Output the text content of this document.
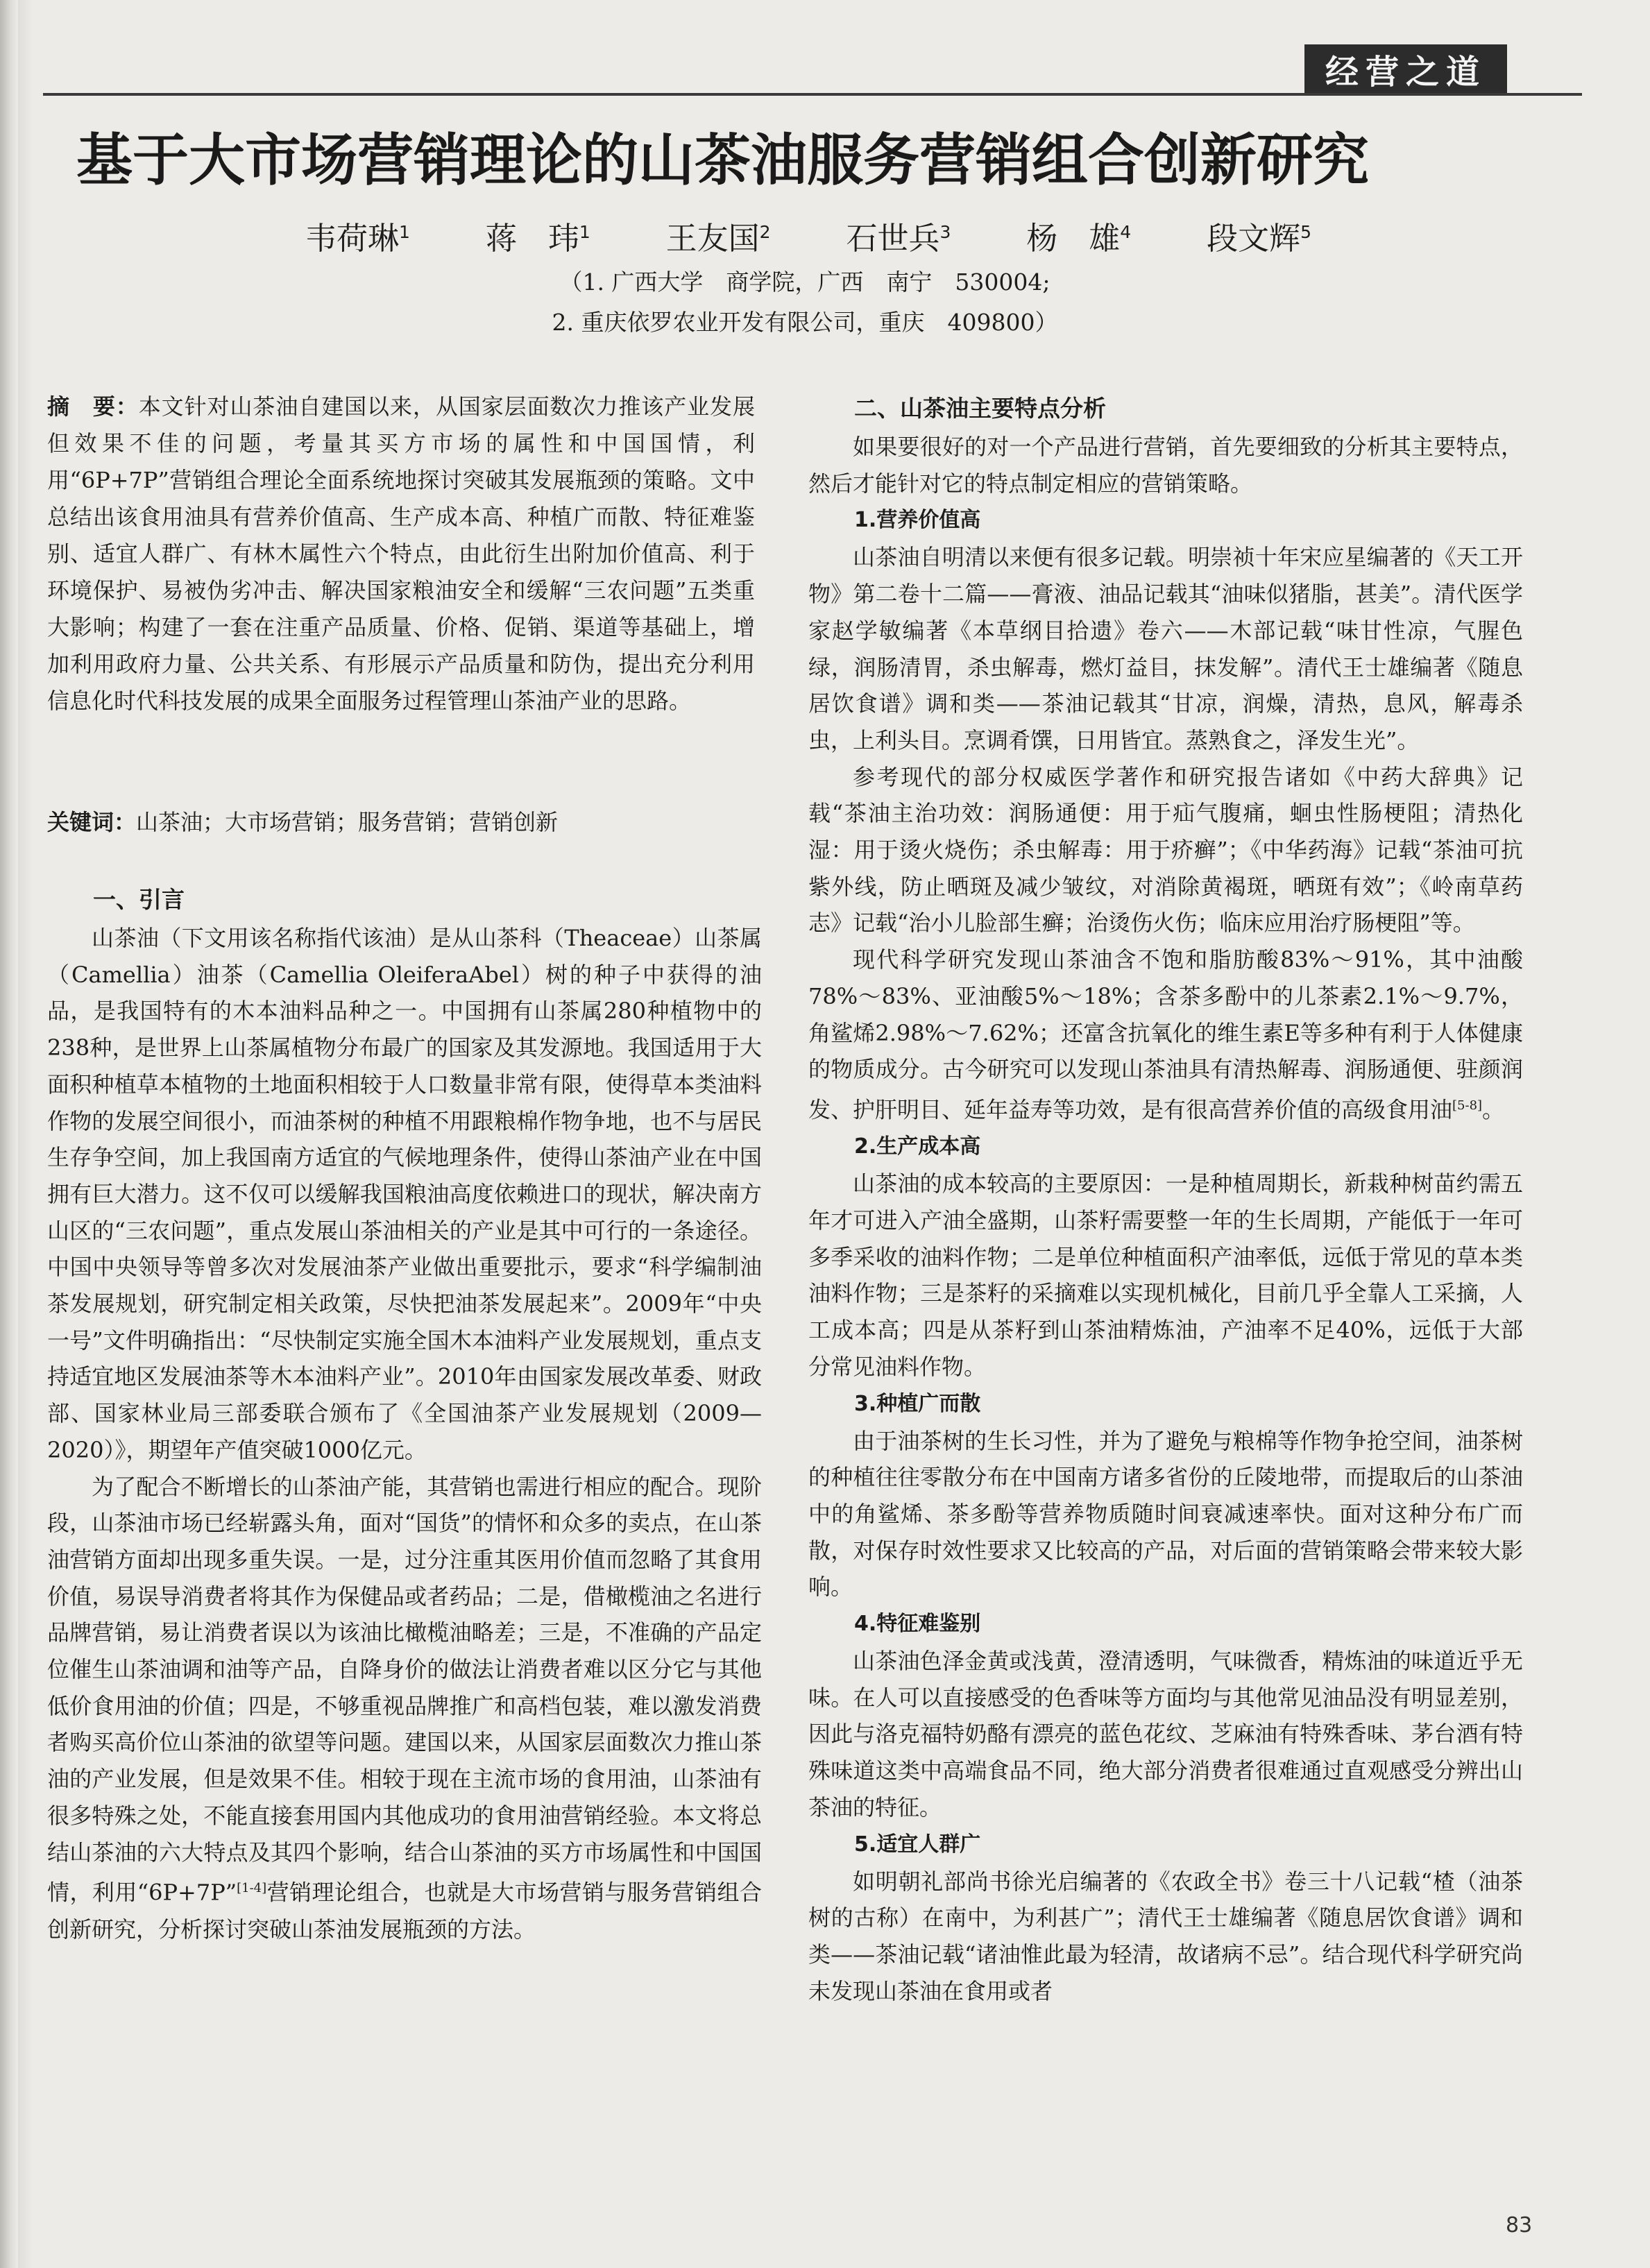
经营之道
基于大市场营销理论的山茶油服务营销组合创新研究
韦荷琳$^1$ 蒋　玮$^1$ 王友国$^2$ 石世兵$^3$ 杨　雄$^4$ 段文辉$^5$
（1. 广西大学　商学院，广西　南宁　530004;
2. 重庆依罗农业开发有限公司，重庆　409800）
摘　要：本文针对山茶油自建国以来，从国家层面数次力推该产业发展但效果不佳的问题，考量其买方市场的属性和中国国情，利用“6P+7P”营销组合理论全面系统地探讨突破其发展瓶颈的策略。文中总结出该食用油具有营养价值高、生产成本高、种植广而散、特征难鉴别、适宜人群广、有林木属性六个特点，由此衍生出附加价值高、利于环境保护、易被伪劣冲击、解决国家粮油安全和缓解“三农问题”五类重大影响；构建了一套在注重产品质量、价格、促销、渠道等基础上，增加利用政府力量、公共关系、有形展示产品质量和防伪，提出充分利用信息化时代科技发展的成果全面服务过程管理山茶油产业的思路。
关键词：山茶油；大市场营销；服务营销；营销创新
一、引言

山茶油（下文用该名称指代该油）是从山茶科（Theaceae）山茶属（Camellia）油茶（Camellia OleiferaAbel）树的种子中获得的油品，是我国特有的木本油料品种之一。中国拥有山茶属280种植物中的238种，是世界上山茶属植物分布最广的国家及其发源地。我国适用于大面积种植草本植物的土地面积相较于人口数量非常有限，使得草本类油料作物的发展空间很小，而油茶树的种植不用跟粮棉作物争地，也不与居民生存争空间，加上我国南方适宜的气候地理条件，使得山茶油产业在中国拥有巨大潜力。这不仅可以缓解我国粮油高度依赖进口的现状，解决南方山区的“三农问题”，重点发展山茶油相关的产业是其中可行的一条途径。中国中央领导等曾多次对发展油茶产业做出重要批示，要求“科学编制油茶发展规划，研究制定相关政策，尽快把油茶发展起来”。2009年“中央一号”文件明确指出：“尽快制定实施全国木本油料产业发展规划，重点支持适宜地区发展油茶等木本油料产业”。2010年由国家发展改革委、财政部、国家林业局三部委联合颁布了《全国油茶产业发展规划（2009—2020）》，期望年产值突破1000亿元。

为了配合不断增长的山茶油产能，其营销也需进行相应的配合。现阶段，山茶油市场已经崭露头角，面对“国货”的情怀和众多的卖点，在山茶油营销方面却出现多重失误。一是，过分注重其医用价值而忽略了其食用价值，易误导消费者将其作为保健品或者药品；二是，借橄榄油之名进行品牌营销，易让消费者误以为该油比橄榄油略差；三是，不准确的产品定位催生山茶油调和油等产品，自降身价的做法让消费者难以区分它与其他低价食用油的价值；四是，不够重视品牌推广和高档包装，难以激发消费者购买高价位山茶油的欲望等问题。建国以来，从国家层面数次力推山茶油的产业发展，但是效果不佳。相较于现在主流市场的食用油，山茶油有很多特殊之处，不能直接套用国内其他成功的食用油营销经验。本文将总结山茶油的六大特点及其四个影响，结合山茶油的买方市场属性和中国国情，利用“6P+7P”[1-4]营销理论组合，也就是大市场营销与服务营销组合创新研究，分析探讨突破山茶油发展瓶颈的方法。

二、山茶油主要特点分析

如果要很好的对一个产品进行营销，首先要细致的分析其主要特点，然后才能针对它的特点制定相应的营销策略。

1.营养价值高

山茶油自明清以来便有很多记载。明崇祯十年宋应星编著的《天工开物》第二卷十二篇——膏液、油品记载其“油味似猪脂，甚美”。清代医学家赵学敏编著《本草纲目拾遗》卷六——木部记载“味甘性凉，气腥色绿，润肠清胃，杀虫解毒，燃灯益目，抹发解”。清代王士雄编著《随息居饮食谱》调和类——茶油记载其“甘凉，润燥，清热，息风，解毒杀虫，上利头目。烹调肴馔，日用皆宜。蒸熟食之，泽发生光”。

参考现代的部分权威医学著作和研究报告诸如《中药大辞典》记载“茶油主治功效：润肠通便：用于疝气腹痛，蛔虫性肠梗阻；清热化湿：用于烫火烧伤；杀虫解毒：用于疥癣”；《中华药海》记载“茶油可抗紫外线，防止晒斑及减少皱纹，对消除黄褐斑，晒斑有效”；《岭南草药志》记载“治小儿脸部生癣；治烫伤火伤；临床应用治疗肠梗阻”等。

现代科学研究发现山茶油含不饱和脂肪酸83%～91%，其中油酸78%～83%、亚油酸5%～18%；含茶多酚中的儿茶素2.1%～9.7%，角鲨烯2.98%～7.62%；还富含抗氧化的维生素E等多种有利于人体健康的物质成分。古今研究可以发现山茶油具有清热解毒、润肠通便、驻颜润发、护肝明目、延年益寿等功效，是有很高营养价值的高级食用油[5-8]。

2.生产成本高

山茶油的成本较高的主要原因：一是种植周期长，新栽种树苗约需五年才可进入产油全盛期，山茶籽需要整一年的生长周期，产能低于一年可多季采收的油料作物；二是单位种植面积产油率低，远低于常见的草本类油料作物；三是茶籽的采摘难以实现机械化，目前几乎全靠人工采摘，人工成本高；四是从茶籽到山茶油精炼油，产油率不足40%，远低于大部分常见油料作物。

3.种植广而散

由于油茶树的生长习性，并为了避免与粮棉等作物争抢空间，油茶树的种植往往零散分布在中国南方诸多省份的丘陵地带，而提取后的山茶油中的角鲨烯、茶多酚等营养物质随时间衰减速率快。面对这种分布广而散，对保存时效性要求又比较高的产品，对后面的营销策略会带来较大影响。

4.特征难鉴别

山茶油色泽金黄或浅黄，澄清透明，气味微香，精炼油的味道近乎无味。在人可以直接感受的色香味等方面均与其他常见油品没有明显差别，因此与洛克福特奶酪有漂亮的蓝色花纹、芝麻油有特殊香味、茅台酒有特殊味道这类中高端食品不同，绝大部分消费者很难通过直观感受分辨出山茶油的特征。

5.适宜人群广

如明朝礼部尚书徐光启编著的《农政全书》卷三十八记载“楂（油茶树的古称）在南中，为利甚广”；清代王士雄编著《随息居饮食谱》调和类——茶油记载“诸油惟此最为轻清，故诸病不忌”。结合现代科学研究尚未发现山茶油在食用或者

83
